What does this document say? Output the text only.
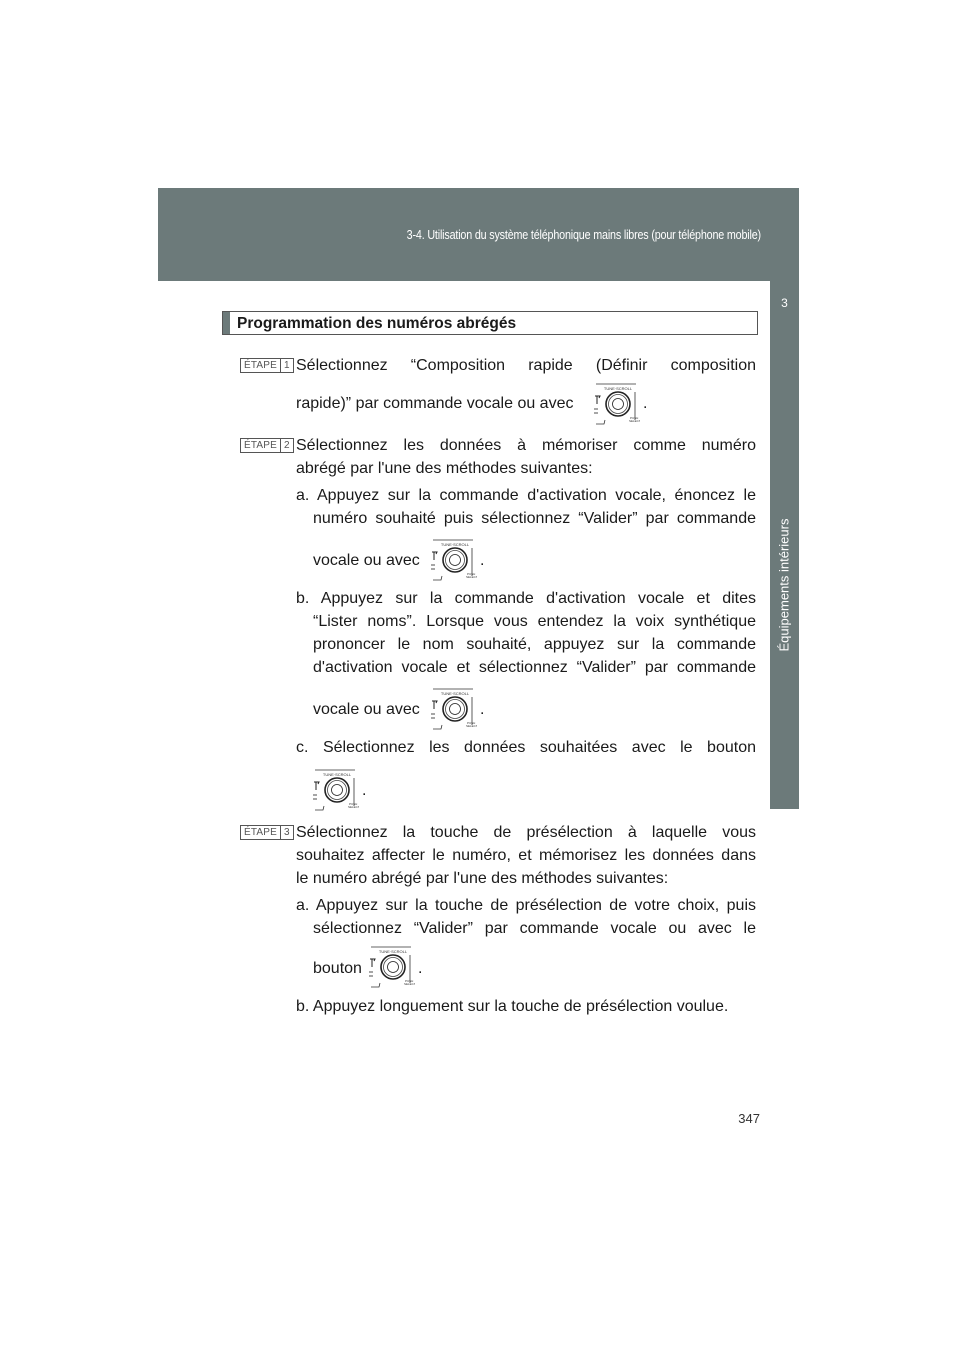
3-4. Utilisation du système téléphonique mains libres (pour téléphone mobile)
3
Équipements intérieurs
Programmation des numéros abrégés
ÉTAPE 1 Sélectionnez “Composition rapide (Définir composition
rapide)” par commande vocale ou avec
TUNE·SCROLL
PUSH
SELECT
.
ÉTAPE 2 Sélectionnez les données à mémoriser comme numéro
abrégé par l'une des méthodes suivantes:
a. Appuyez sur la commande d'activation vocale, énoncez le
numéro souhaité puis sélectionnez “Valider” par commande
vocale ou avec
TUNE·SCROLL
PUSH
SELECT
.
b. Appuyez sur la commande d'activation vocale et dites
“Lister noms”. Lorsque vous entendez la voix synthétique
prononcer le nom souhaité, appuyez sur la commande
d'activation vocale et sélectionnez “Valider” par commande
vocale ou avec
TUNE·SCROLL
PUSH
SELECT
.
c. Sélectionnez les données souhaitées avec le bouton
TUNE·SCROLL
PUSH
SELECT
.
ÉTAPE 3 Sélectionnez la touche de présélection à laquelle vous
souhaitez affecter le numéro, et mémorisez les données dans
le numéro abrégé par l'une des méthodes suivantes:
a. Appuyez sur la touche de présélection de votre choix, puis
sélectionnez “Valider” par commande vocale ou avec le
bouton
TUNE·SCROLL
PUSH
SELECT
.
b. Appuyez longuement sur la touche de présélection voulue.
347
